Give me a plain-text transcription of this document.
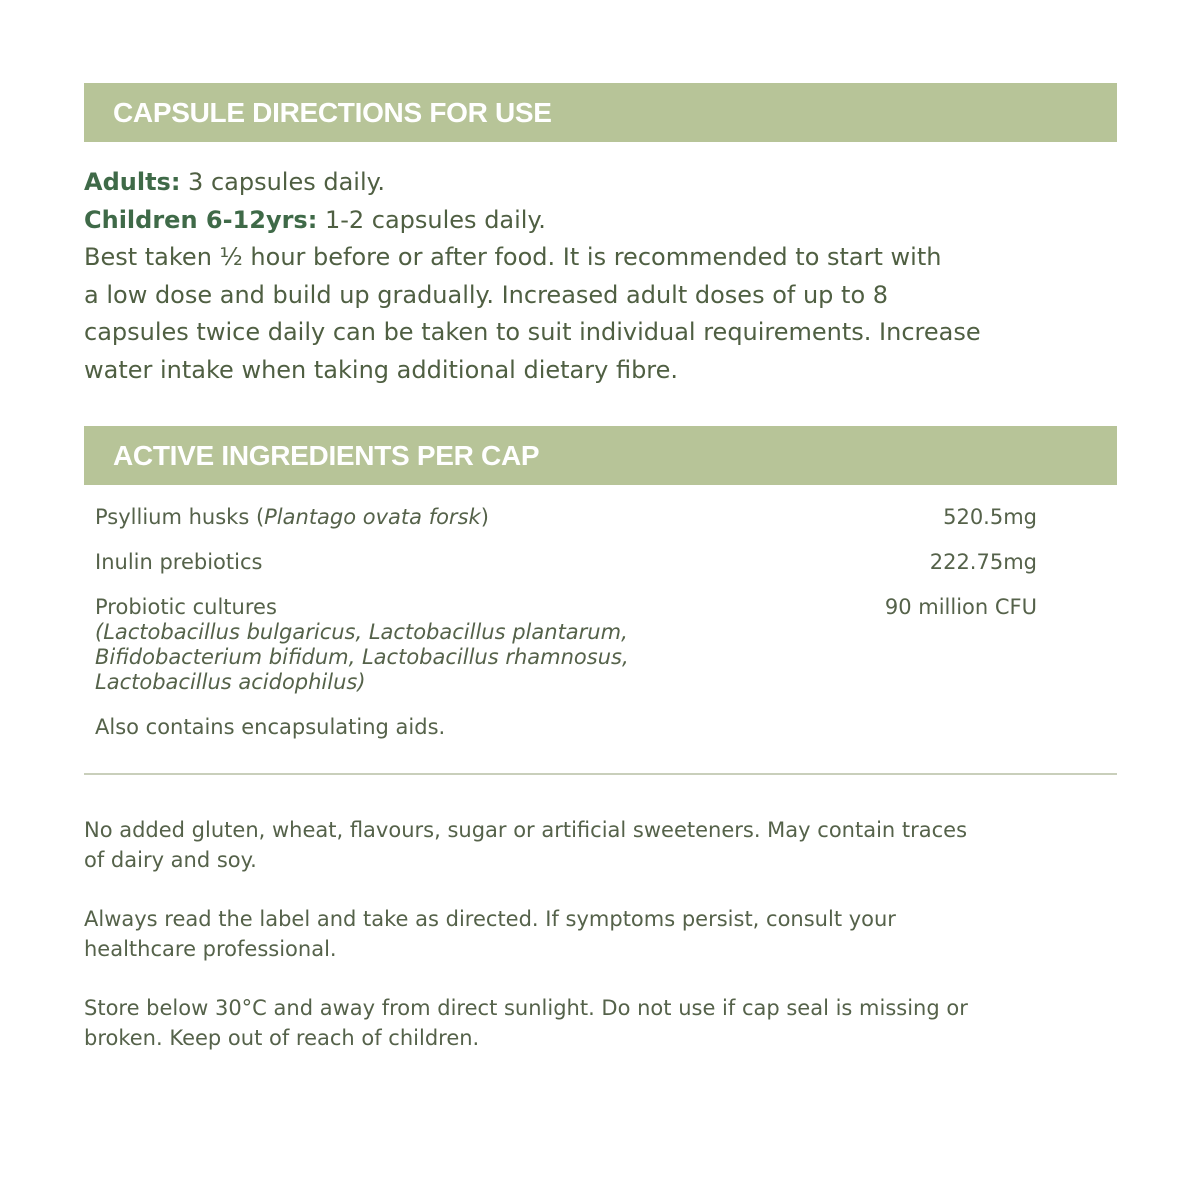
CAPSULE DIRECTIONS FOR USE

Adults: 3 capsules daily.

Children 6-12yrs: 1-2 capsules daily.

Best taken ½ hour before or after food. It is recommended to start with

a low dose and build up gradually. Increased adult doses of up to 8

capsules twice daily can be taken to suit individual requirements. Increase

water intake when taking additional dietary fibre.

ACTIVE INGREDIENTS PER CAP
Psyllium husks (Plantago ovata forsk)	520.5mg
Inulin prebiotics	222.75mg
Probiotic cultures
(Lactobacillus bulgaricus, Lactobacillus plantarum,
Bifidobacterium bifidum, Lactobacillus rhamnosus,
Lactobacillus acidophilus)
90 million CFU
Also contains encapsulating aids.

No added gluten, wheat, flavours, sugar or artificial sweeteners. May contain traces
of dairy and soy.

Always read the label and take as directed. If symptoms persist, consult your
healthcare professional.

Store below 30°C and away from direct sunlight. Do not use if cap seal is missing or
broken. Keep out of reach of children.
